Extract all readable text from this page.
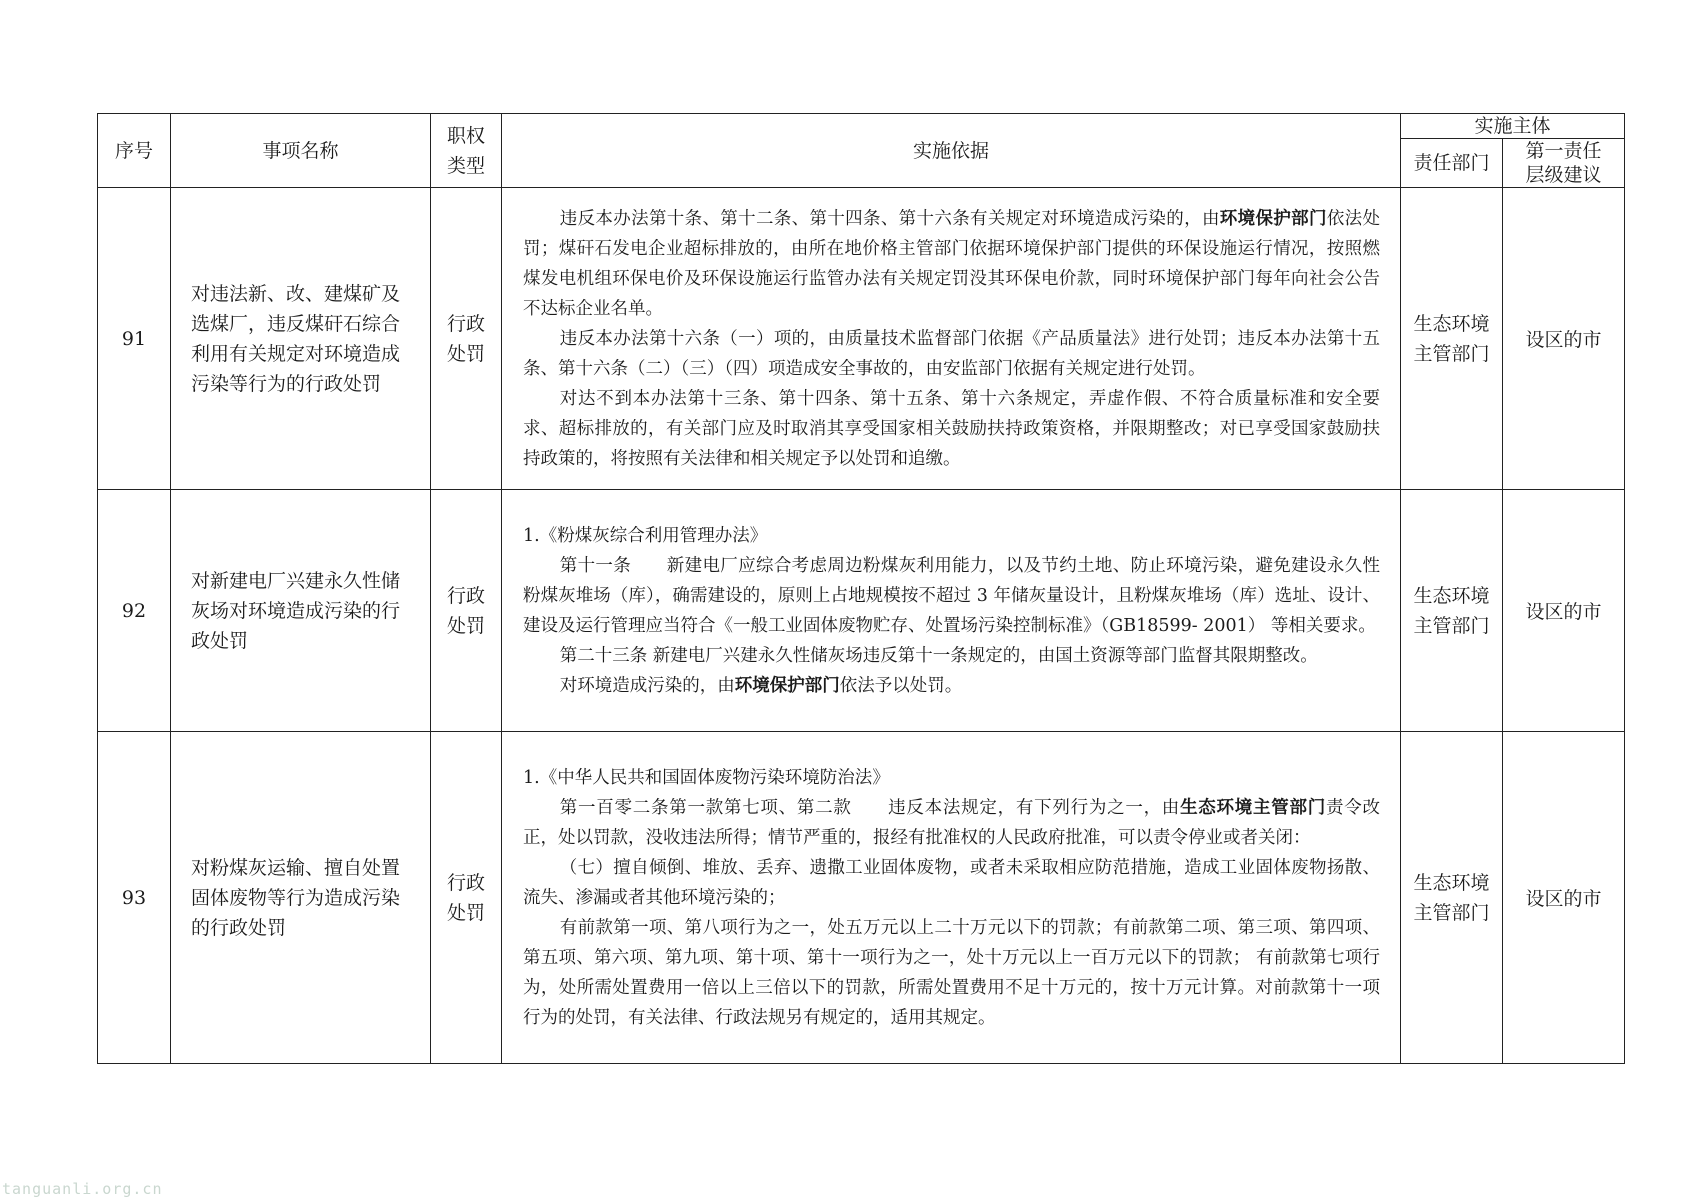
序号	事项名称	职权类型	实施依据	实施主体	
				责任部门	第一责任层级建议
91	对违法新、改、建煤矿及选煤厂，违反煤矸石综合利用有关规定对环境造成污染等行为的行政处罚	行政处罚	违反本办法第十条、第十二条、第十四条、第十六条有关规定对环境造成污染的，由环境保护部门依法处罚；煤矸石发电企业超标排放的，由所在地价格主管部门依据环境保护部门提供的环保设施运行情况，按照燃煤发电机组环保电价及环保设施运行监管办法有关规定罚没其环保电价款，同时环境保护部门每年向社会公告不达标企业名单。

违反本办法第十六条（一）项的，由质量技术监督部门依据《产品质量法》进行处罚；违反本办法第十五条、第十六条（二）（三）（四）项造成安全事故的，由安监部门依据有关规定进行处罚。

对达不到本办法第十三条、第十四条、第十五条、第十六条规定，弄虚作假、不符合质量标准和安全要求、超标排放的，有关部门应及时取消其享受国家相关鼓励扶持政策资格，并限期整改；对已享受国家鼓励扶持政策的，将按照有关法律和相关规定予以处罚和追缴。	生态环境主管部门	设区的市
92	对新建电厂兴建永久性储灰场对环境造成污染的行政处罚	行政处罚	1.《粉煤灰综合利用管理办法》

第十一条　　新建电厂应综合考虑周边粉煤灰利用能力，以及节约土地、防止环境污染，避免建设永久性粉煤灰堆场（库），确需建设的，原则上占地规模按不超过 3 年储灰量设计，且粉煤灰堆场（库）选址、设计、建设及运行管理应当符合《一般工业固体废物贮存、处置场污染控制标准》（GB18599- 2001） 等相关要求。

第二十三条 新建电厂兴建永久性储灰场违反第十一条规定的，由国土资源等部门监督其限期整改。

对环境造成污染的，由环境保护部门依法予以处罚。	生态环境主管部门	设区的市
93	对粉煤灰运输、擅自处置固体废物等行为造成污染的行政处罚	行政处罚	1.《中华人民共和国固体废物污染环境防治法》

第一百零二条第一款第七项、第二款　　违反本法规定，有下列行为之一，由生态环境主管部门责令改正，处以罚款，没收违法所得；情节严重的，报经有批准权的人民政府批准，可以责令停业或者关闭：

（七）擅自倾倒、堆放、丢弃、遗撒工业固体废物，或者未采取相应防范措施，造成工业固体废物扬散、流失、渗漏或者其他环境污染的；

有前款第一项、第八项行为之一，处五万元以上二十万元以下的罚款；有前款第二项、第三项、第四项、第五项、第六项、第九项、第十项、第十一项行为之一，处十万元以上一百万元以下的罚款； 有前款第七项行为，处所需处置费用一倍以上三倍以下的罚款，所需处置费用不足十万元的，按十万元计算。对前款第十一项行为的处罚，有关法律、行政法规另有规定的，适用其规定。	生态环境主管部门	设区的市
tanguanli.org.cn
